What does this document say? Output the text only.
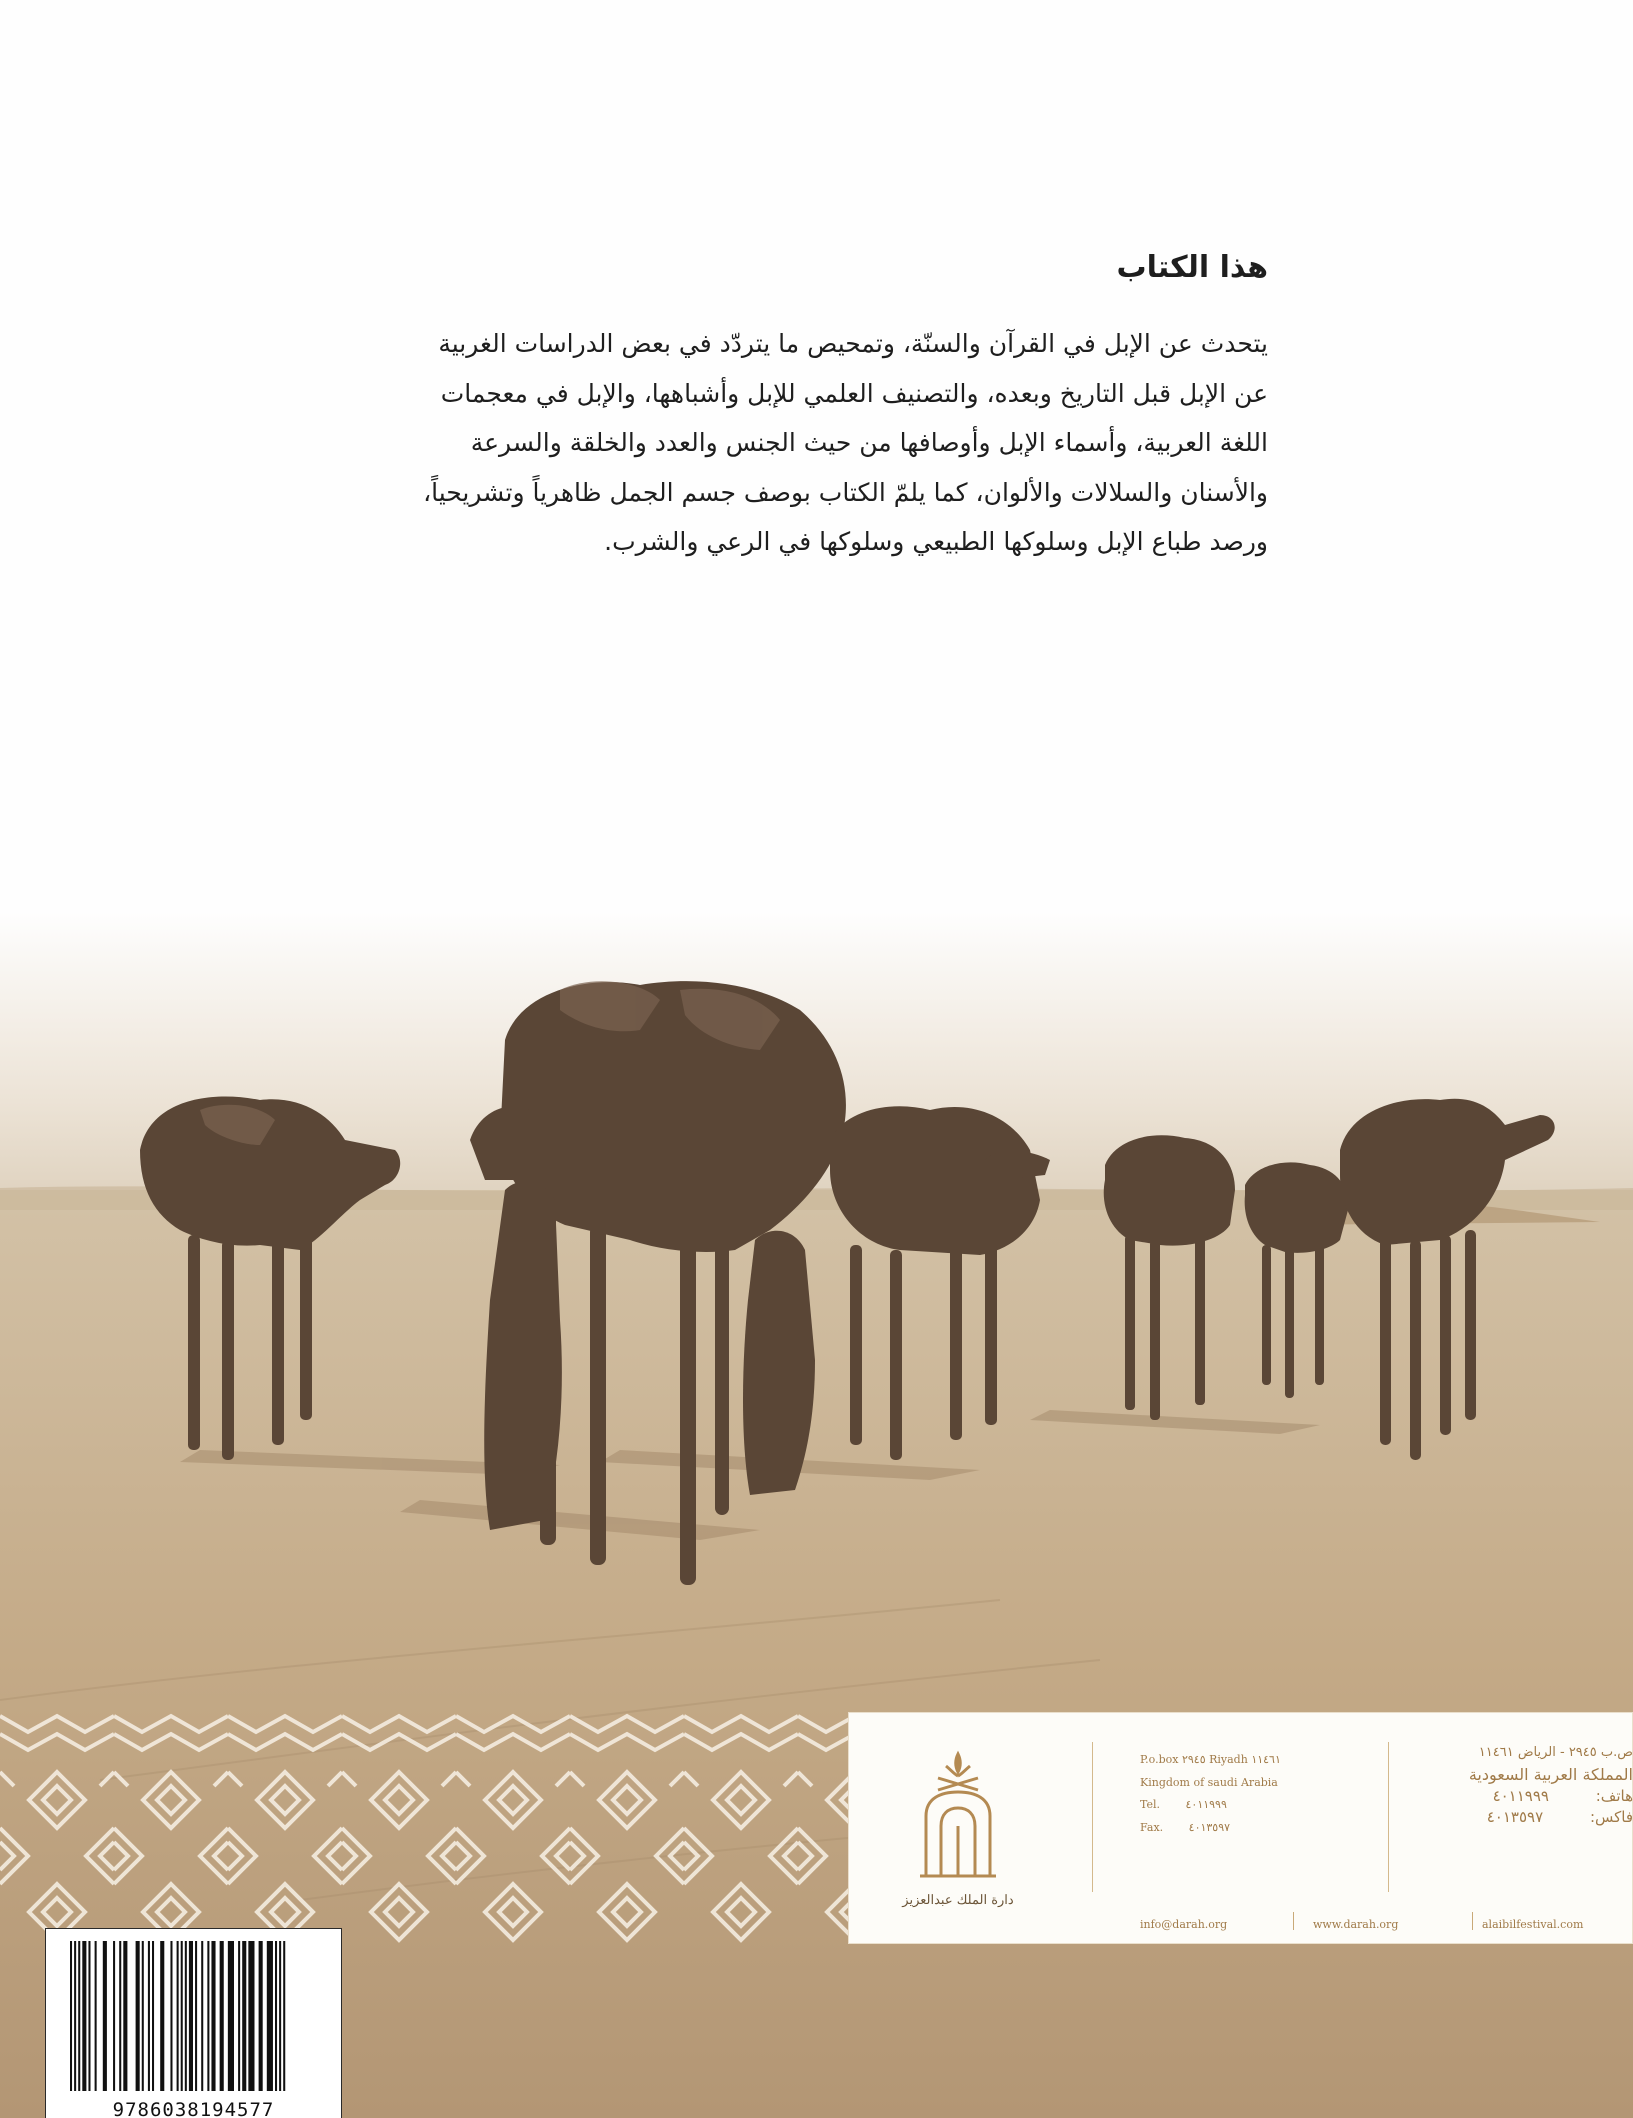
هذا الكتاب

يتحدث عن الإبل في القرآن والسنّة، وتمحيص ما يتردّد في بعض الدراسات الغربية

عن الإبل قبل التاريخ وبعده، والتصنيف العلمي للإبل وأشباهها، والإبل في معجمات

اللغة العربية، وأسماء الإبل وأوصافها من حيث الجنس والعدد والخلقة والسرعة

والأسنان والسلالات والألوان، كما يلمّ الكتاب بوصف جسم الجمل ظاهرياً وتشريحياً،

ورصد طباع الإبل وسلوكها الطبيعي وسلوكها في الرعي والشرب.

دارة الملك عبدالعزيز
P.o.box ٢٩٤٥ Riyadh ١١٤٦١
Kingdom of saudi Arabia
Tel. ٤٠١١٩٩٩
Fax. ٤٠١٣٥٩٧
ص.ب ٢٩٤٥ - الرياض ١١٤٦١
المملكة العربية السعودية
هاتف: ٤٠١١٩٩٩
فاكس: ٤٠١٣٥٩٧
info@darah.org	www.darah.org	alaibilfestival.com
9786038194577
